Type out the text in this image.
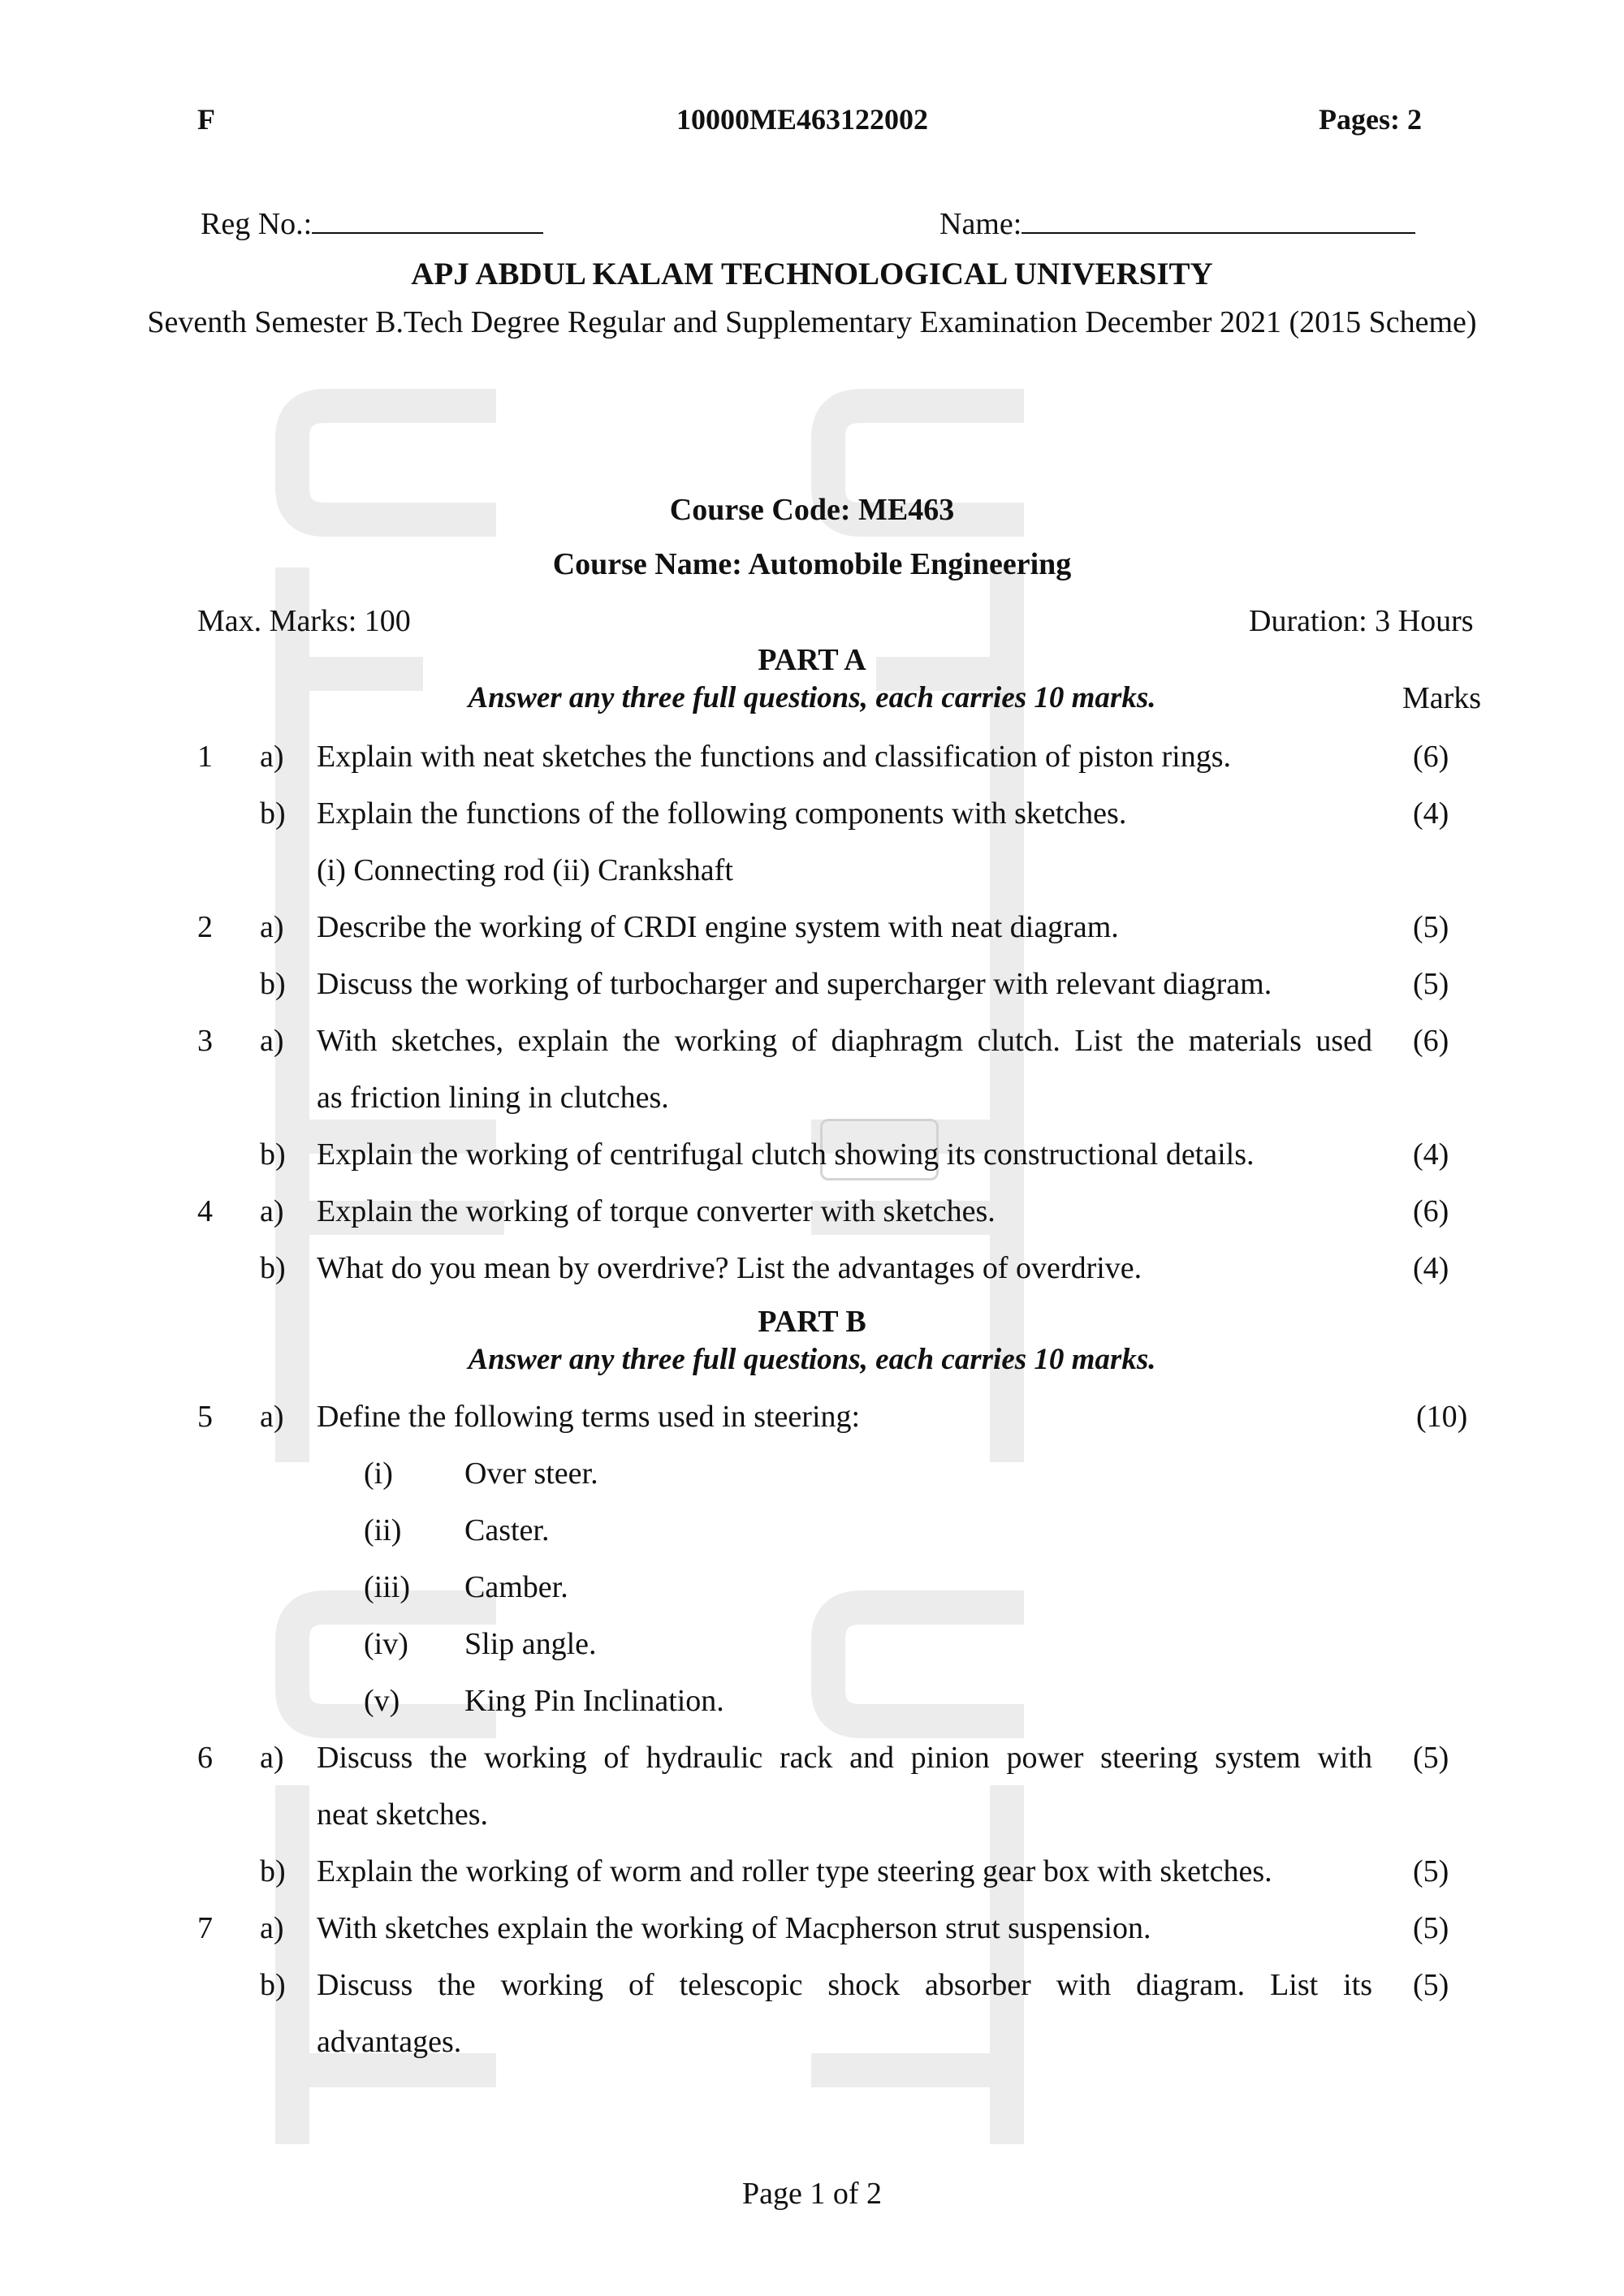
F	10000ME463122002	Pages: 2
Reg No.:	Name:
APJ ABDUL KALAM TECHNOLOGICAL UNIVERSITY
Seventh Semester B.Tech Degree Regular and Supplementary Examination December 2021 (2015 Scheme)
Course Code: ME463
Course Name: Automobile Engineering
Max. Marks: 100	Duration: 3 Hours
PART A
Answer any three full questions, each carries 10 marks.	Marks
1 a) Explain with neat sketches the functions and classification of piston rings.	(6)
b) Explain the functions of the following components with sketches.	(4)
(i) Connecting rod (ii) Crankshaft
2 a) Describe the working of CRDI engine system with neat diagram.	(5)
b) Discuss the working of turbocharger and supercharger with relevant diagram.	(5)
3 a) With sketches, explain the working of diaphragm clutch. List the materials used (6)
as friction lining in clutches.
b) Explain the working of centrifugal clutch showing its constructional details.	(4)
4 a) Explain the working of torque converter with sketches.	(6)
b) What do you mean by overdrive? List the advantages of overdrive.	(4)
PART B
Answer any three full questions, each carries 10 marks.
5 a) Define the following terms used in steering:	(10)
(i) Over steer.
(ii) Caster.
(iii) Camber.
(iv) Slip angle.
(v) King Pin Inclination.
6 a) Discuss the working of hydraulic rack and pinion power steering system with (5)
neat sketches.
b) Explain the working of worm and roller type steering gear box with sketches.	(5)
7 a) With sketches explain the working of Macpherson strut suspension.	(5)
b) Discuss the working of telescopic shock absorber with diagram. List its (5)
advantages.
Page 1 of 2
